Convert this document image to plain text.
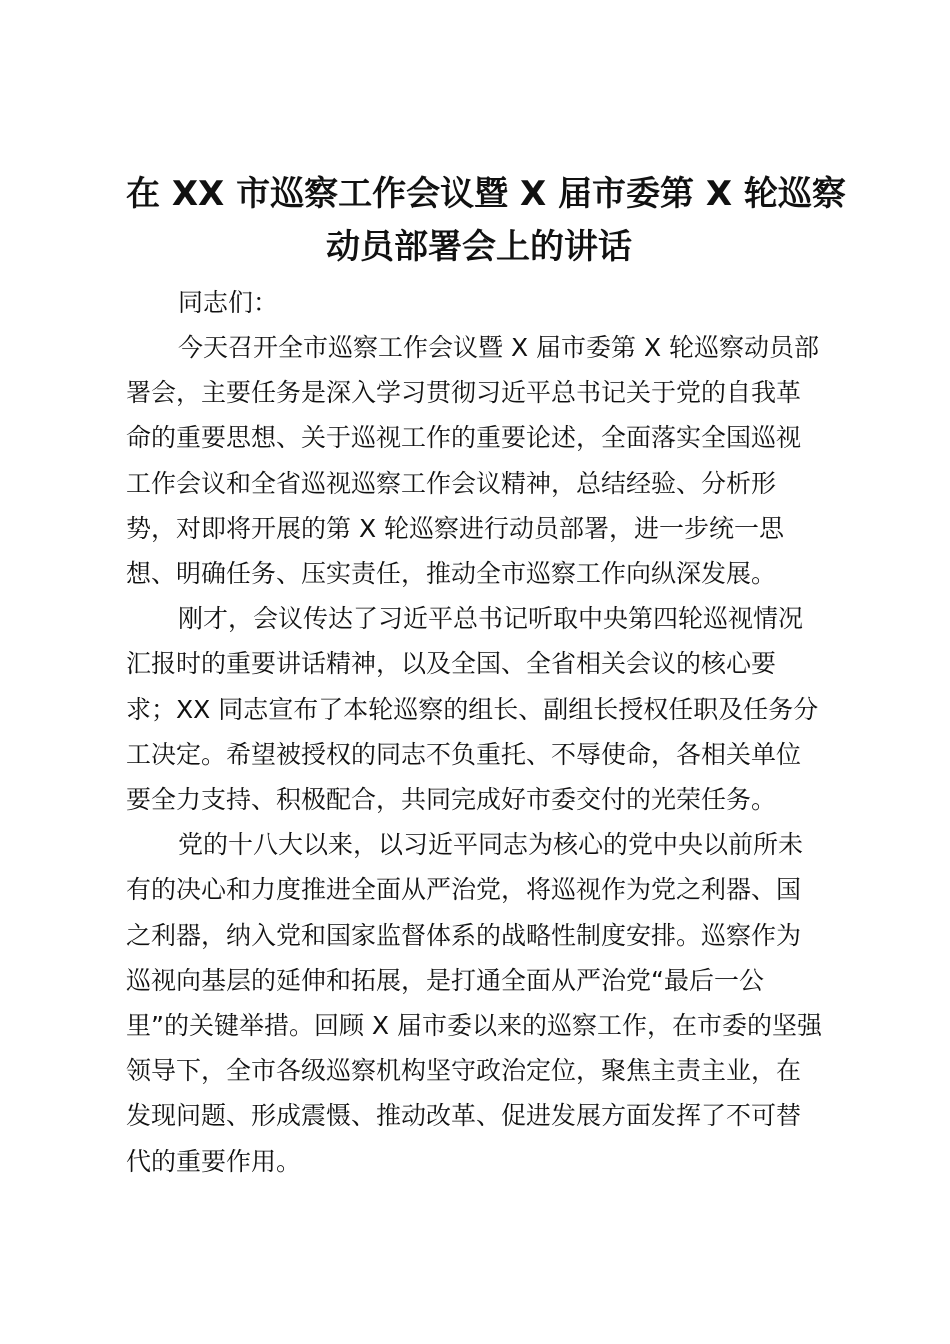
在 XX 市巡察工作会议暨 X 届市委第 X 轮巡察
动员部署会上的讲话

同志们：

今天召开全市巡察工作会议暨 X 届市委第 X 轮巡察动员部
署会，主要任务是深入学习贯彻习近平总书记关于党的自我革
命的重要思想、关于巡视工作的重要论述，全面落实全国巡视
工作会议和全省巡视巡察工作会议精神，总结经验、分析形
势，对即将开展的第 X 轮巡察进行动员部署，进一步统一思
想、明确任务、压实责任，推动全市巡察工作向纵深发展。
刚才，会议传达了习近平总书记听取中央第四轮巡视情况
汇报时的重要讲话精神，以及全国、全省相关会议的核心要
求；XX 同志宣布了本轮巡察的组长、副组长授权任职及任务分
工决定。希望被授权的同志不负重托、不辱使命，各相关单位
要全力支持、积极配合，共同完成好市委交付的光荣任务。
党的十八大以来，以习近平同志为核心的党中央以前所未
有的决心和力度推进全面从严治党，将巡视作为党之利器、国
之利器，纳入党和国家监督体系的战略性制度安排。巡察作为
巡视向基层的延伸和拓展，是打通全面从严治党“最后一公
里”的关键举措。回顾 X 届市委以来的巡察工作，在市委的坚强
领导下，全市各级巡察机构坚守政治定位，聚焦主责主业，在
发现问题、形成震慑、推动改革、促进发展方面发挥了不可替
代的重要作用。
